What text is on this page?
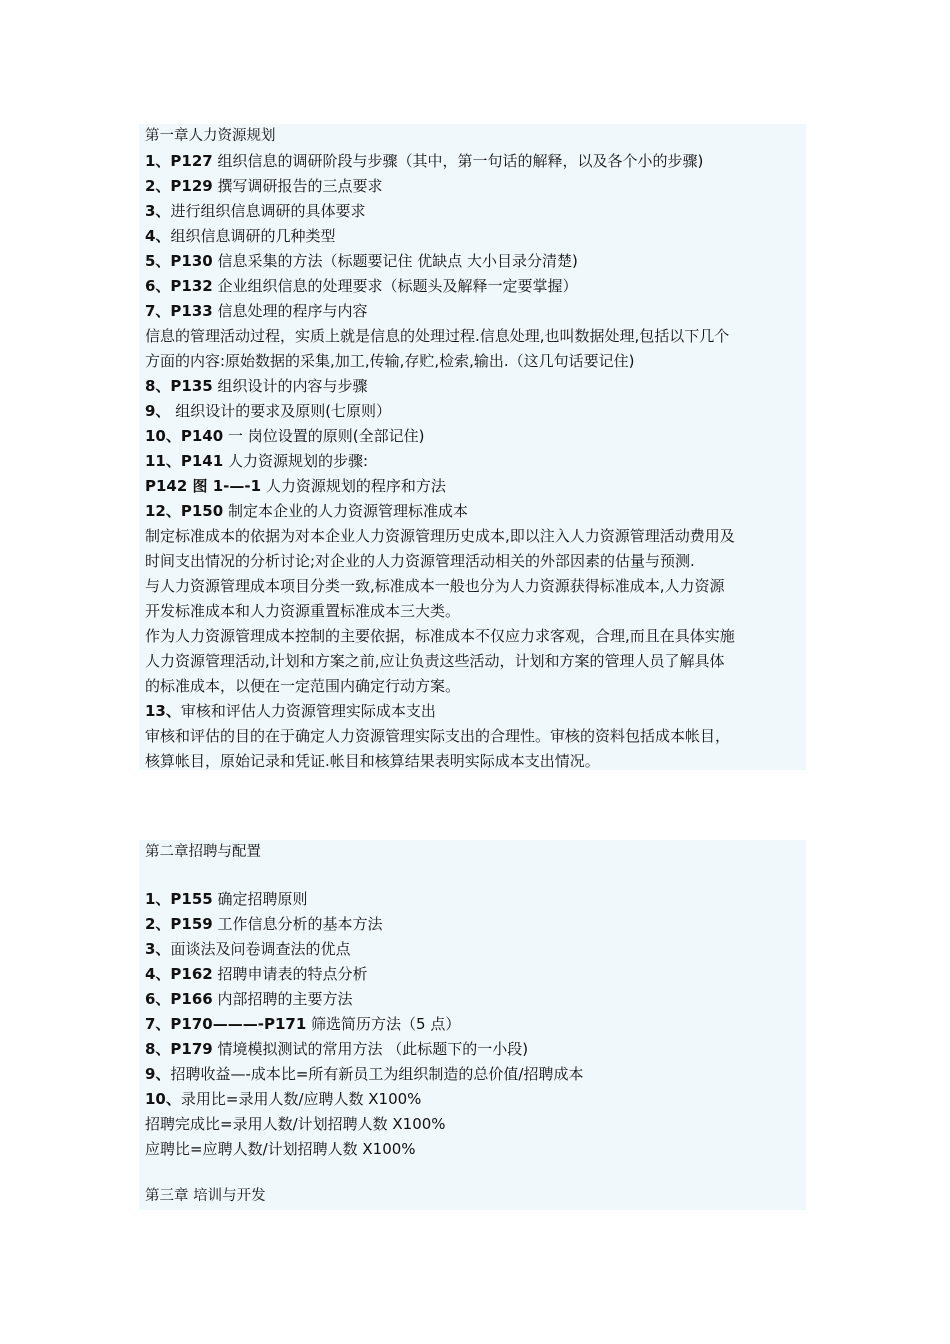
第一章人力资源规划
1、P127 组织信息的调研阶段与步骤（其中，第一句话的解释，以及各个小的步骤)
2、P129 撰写调研报告的三点要求
3、进行组织信息调研的具体要求
4、组织信息调研的几种类型
5、P130 信息采集的方法（标题要记住 优缺点 大小目录分清楚)
6、P132 企业组织信息的处理要求（标题头及解释一定要掌握）
7、P133 信息处理的程序与内容
信息的管理活动过程，实质上就是信息的处理过程.信息处理,也叫数据处理,包括以下几个
方面的内容:原始数据的采集,加工,传输,存贮,检索,输出.（这几句话要记住)
8、P135 组织设计的内容与步骤
9、 组织设计的要求及原则(七原则）
10、P140 一 岗位设置的原则(全部记住)
11、P141 人力资源规划的步骤:
P142 图 1-—-1 人力资源规划的程序和方法
12、P150 制定本企业的人力资源管理标准成本
制定标准成本的依据为对本企业人力资源管理历史成本,即以注入人力资源管理活动费用及
时间支出情况的分析讨论;对企业的人力资源管理活动相关的外部因素的估量与预测.
与人力资源管理成本项目分类一致,标准成本一般也分为人力资源获得标准成本,人力资源
开发标准成本和人力资源重置标准成本三大类。
作为人力资源管理成本控制的主要依据，标准成本不仅应力求客观，合理,而且在具体实施
人力资源管理活动,计划和方案之前,应让负责这些活动，计划和方案的管理人员了解具体
的标准成本，以便在一定范围内确定行动方案。
13、审核和评估人力资源管理实际成本支出
审核和评估的目的在于确定人力资源管理实际支出的合理性。审核的资料包括成本帐目，
核算帐目，原始记录和凭证.帐目和核算结果表明实际成本支出情况。
第二章招聘与配置
1、P155 确定招聘原则
2、P159 工作信息分析的基本方法
3、面谈法及问卷调查法的优点
4、P162 招聘申请表的特点分析
6、P166 内部招聘的主要方法
7、P170———-P171 筛选简历方法（5 点）
8、P179 情境模拟测试的常用方法 （此标题下的一小段)
9、招聘收益—-成本比=所有新员工为组织制造的总价值/招聘成本
10、录用比=录用人数/应聘人数 X100%
招聘完成比=录用人数/计划招聘人数 X100%
应聘比=应聘人数/计划招聘人数 X100%
第三章 培训与开发
